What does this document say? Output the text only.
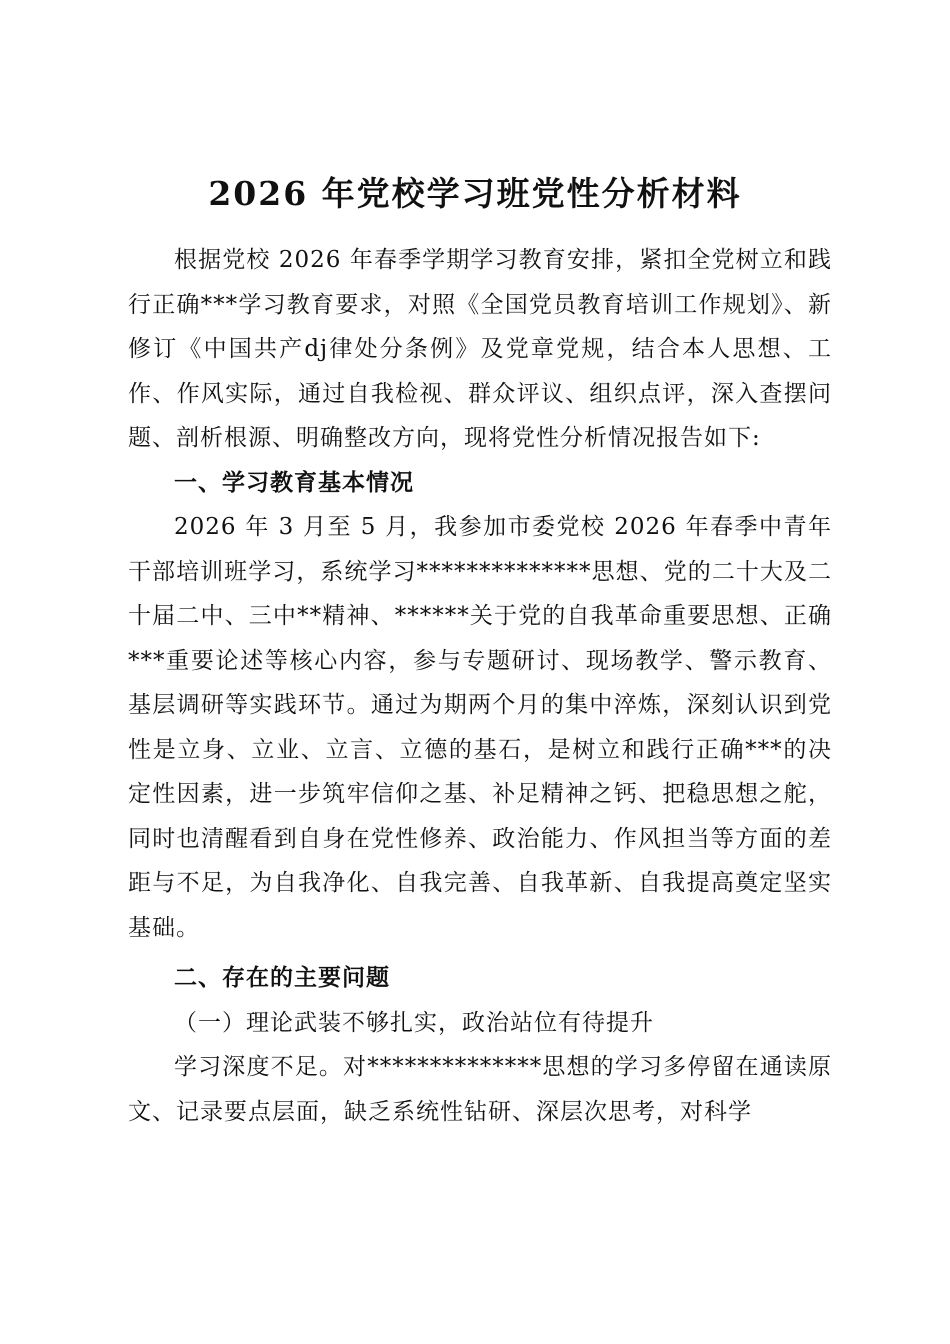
2026 年党校学习班党性分析材料

根据党校 2026 年春季学期学习教育安排，紧扣全党树立和践行正确***学习教育要求，对照《全国党员教育培训工作规划》、新修订《中国共产dj律处分条例》及党章党规，结合本人思想、工作、作风实际，通过自我检视、群众评议、组织点评，深入查摆问题、剖析根源、明确整改方向，现将党性分析情况报告如下:

一、学习教育基本情况

2026 年 3 月至 5 月，我参加市委党校 2026 年春季中青年干部培训班学习，系统学习**************思想、党的二十大及二十届二中、三中**精神、******关于党的自我革命重要思想、正确***重要论述等核心内容，参与专题研讨、现场教学、警示教育、基层调研等实践环节。通过为期两个月的集中淬炼，深刻认识到党性是立身、立业、立言、立德的基石，是树立和践行正确***的决定性因素，进一步筑牢信仰之基、补足精神之钙、把稳思想之舵，同时也清醒看到自身在党性修养、政治能力、作风担当等方面的差距与不足，为自我净化、自我完善、自我革新、自我提高奠定坚实基础。

二、存在的主要问题

（一）理论武装不够扎实，政治站位有待提升

学习深度不足。对**************思想的学习多停留在通读原文、记录要点层面，缺乏系统性钻研、深层次思考，对科学
